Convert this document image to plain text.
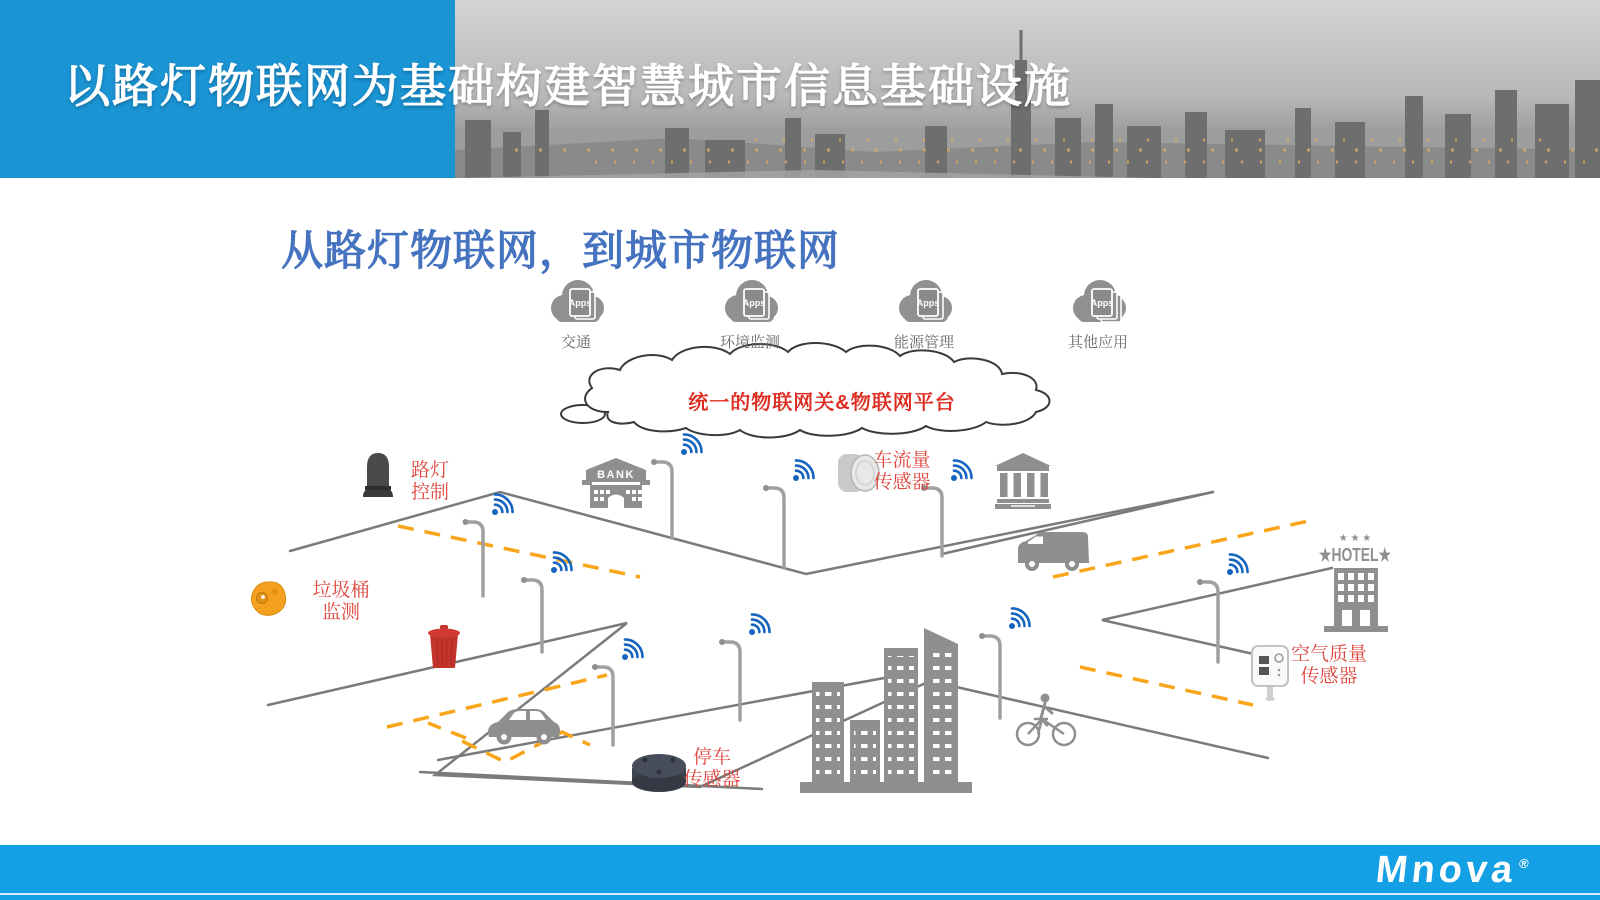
以路灯物联网为基础构建智慧城市信息基础设施
从路灯物联网，到城市物联网
Apps	Apps	Apps	Apps
BANK
★ ★ ★
★HOTEL★
交通	环境监测	能源管理	其他应用
统一的物联网关&物联网平台
路灯
控制
垃圾桶
监测
车流量
传感器
停车
传感器
空气质量
传感器
Mnova®
